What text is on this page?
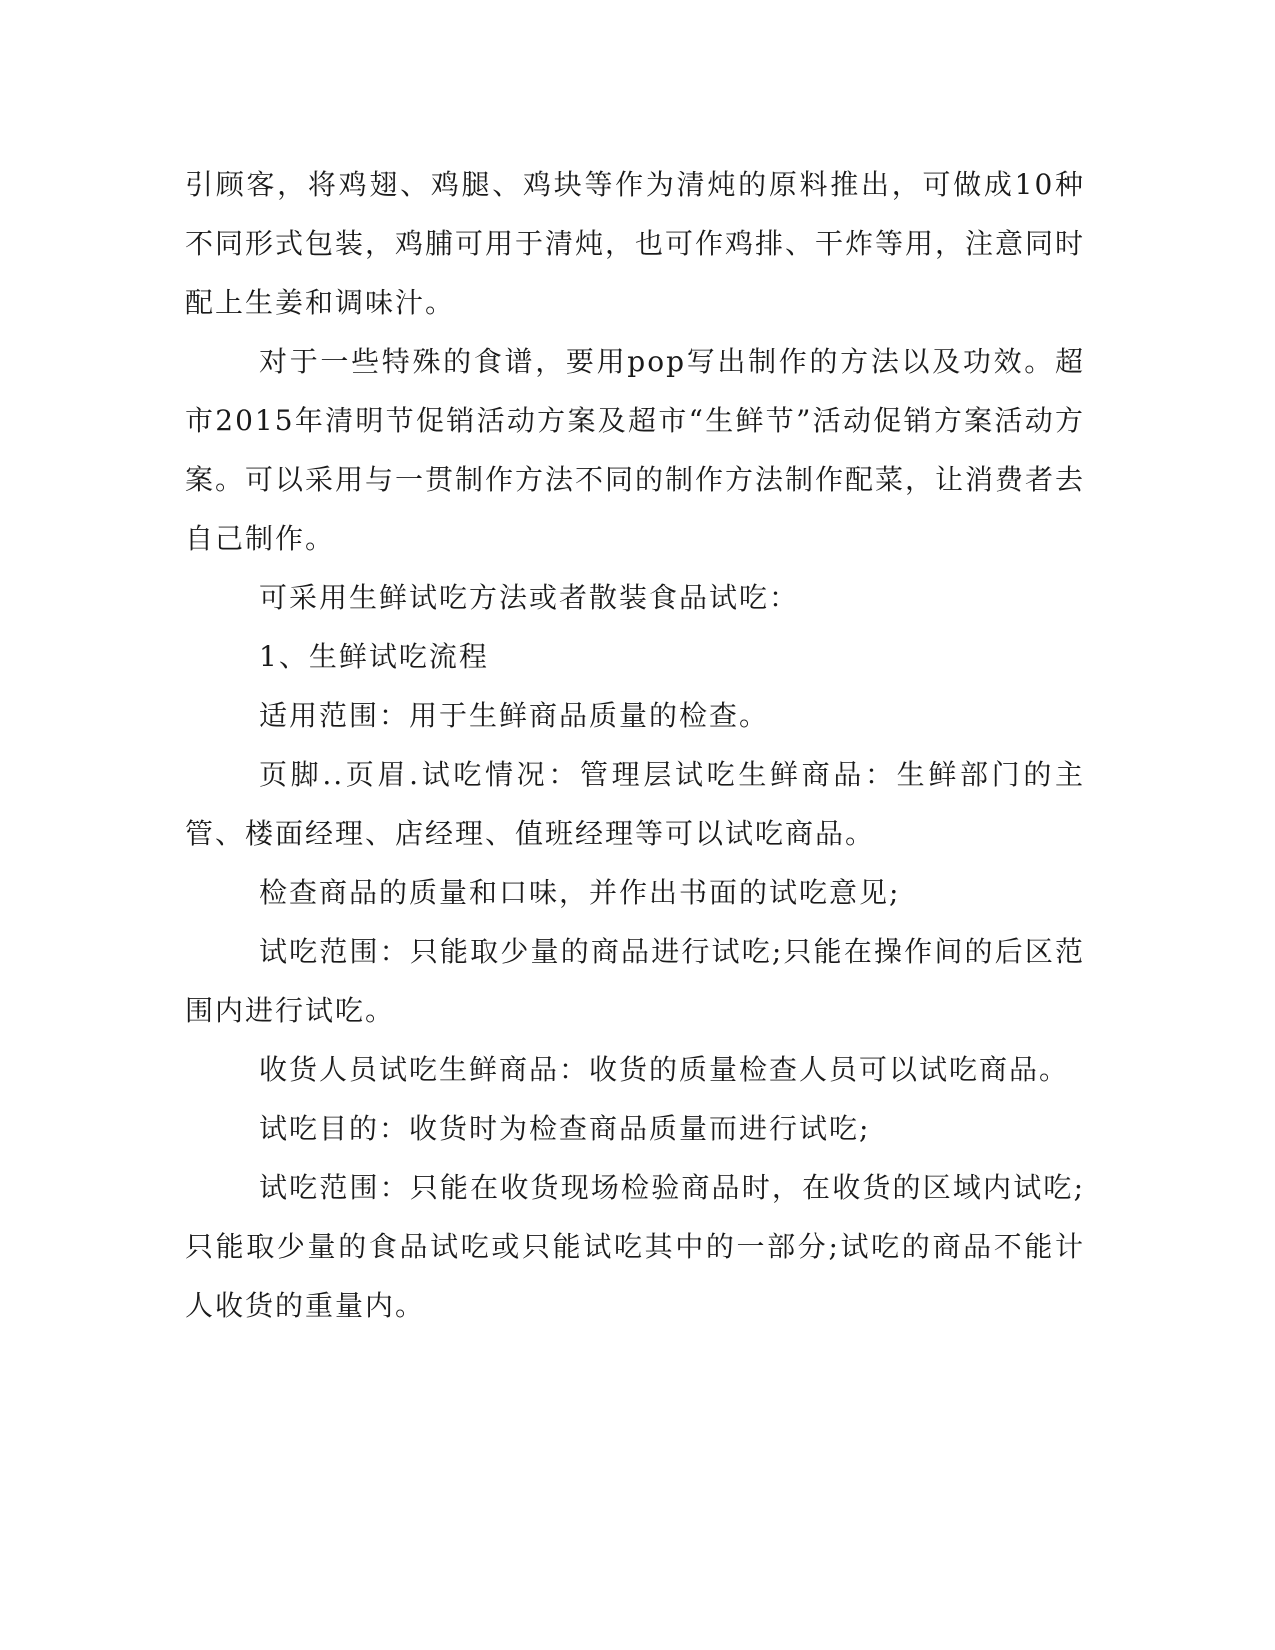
引顾客，将鸡翅、鸡腿、鸡块等作为清炖的原料推出，可做成10种不同形式包装，鸡脯可用于清炖，也可作鸡排、干炸等用，注意同时配上生姜和调味汁。

对于一些特殊的食谱，要用pop写出制作的方法以及功效。超市2015年清明节促销活动方案及超市“生鲜节”活动促销方案活动方案。可以采用与一贯制作方法不同的制作方法制作配菜，让消费者去自己制作。

可采用生鲜试吃方法或者散装食品试吃：

1、生鲜试吃流程

适用范围：用于生鲜商品质量的检查。

页脚..页眉.试吃情况：管理层试吃生鲜商品：生鲜部门的主管、楼面经理、店经理、值班经理等可以试吃商品。

检查商品的质量和口味，并作出书面的试吃意见;

试吃范围：只能取少量的商品进行试吃;只能在操作间的后区范围内进行试吃。

收货人员试吃生鲜商品：收货的质量检查人员可以试吃商品。

试吃目的：收货时为检查商品质量而进行试吃;

试吃范围：只能在收货现场检验商品时，在收货的区域内试吃;只能取少量的食品试吃或只能试吃其中的一部分;试吃的商品不能计人收货的重量内。
